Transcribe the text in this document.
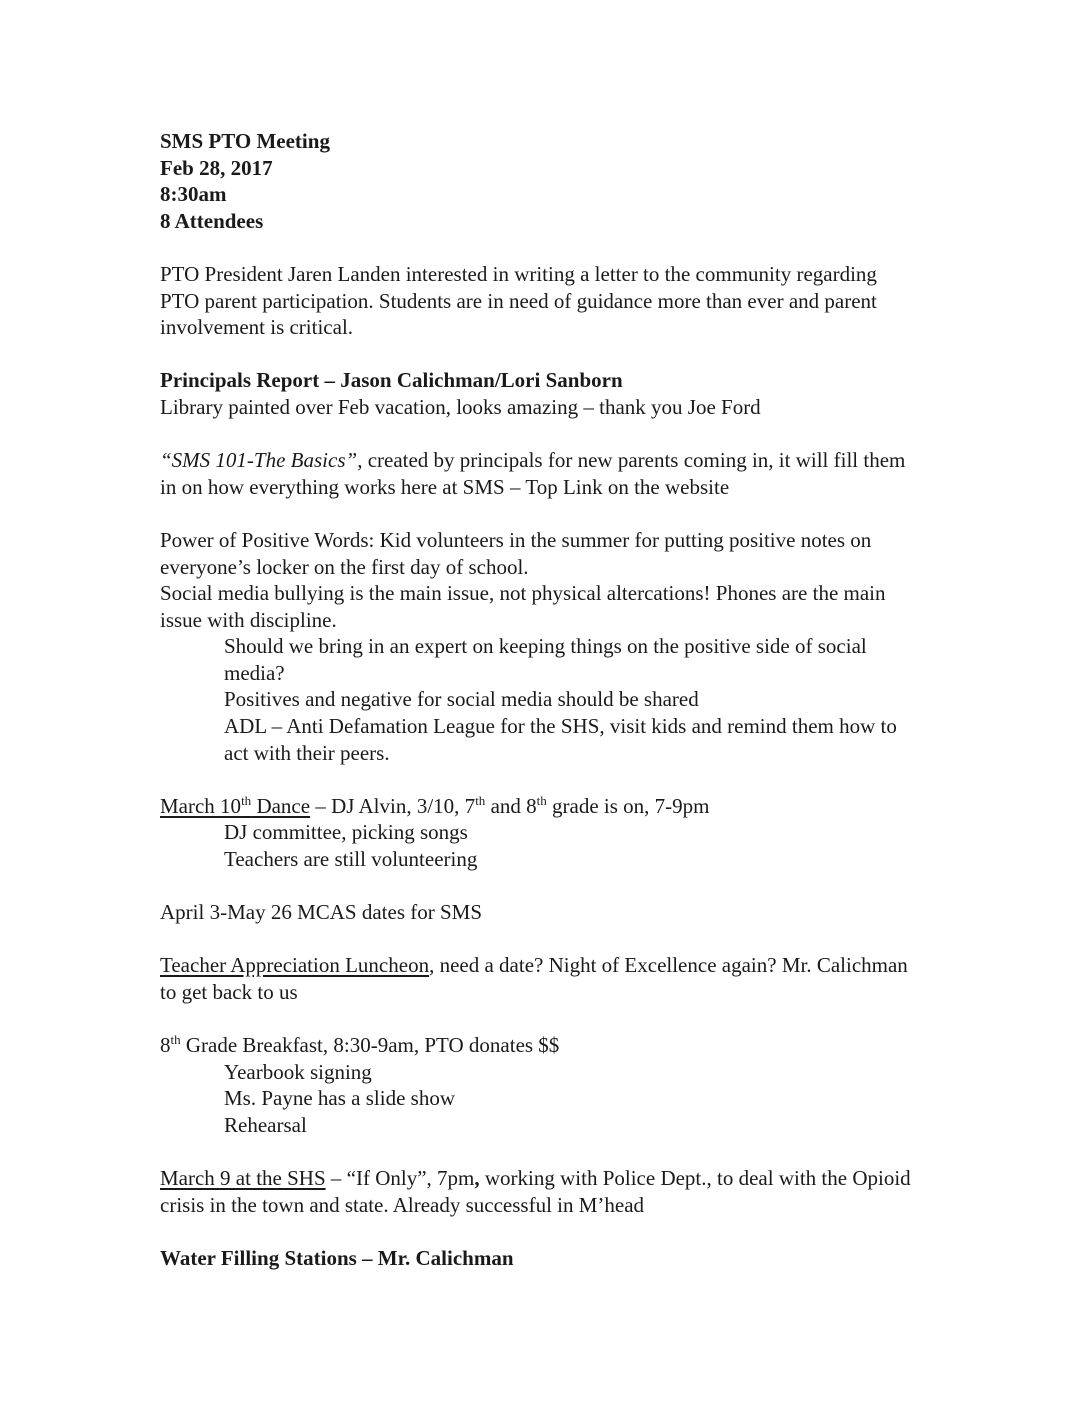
SMS PTO Meeting
Feb 28, 2017
8:30am
8 Attendees
PTO President Jaren Landen interested in writing a letter to the community regarding
PTO parent participation. Students are in need of guidance more than ever and parent
involvement is critical.
Principals Report – Jason Calichman/Lori Sanborn
Library painted over Feb vacation, looks amazing – thank you Joe Ford
“SMS 101-The Basics”, created by principals for new parents coming in, it will fill them
in on how everything works here at SMS – Top Link on the website
Power of Positive Words: Kid volunteers in the summer for putting positive notes on
everyone’s locker on the first day of school.
Social media bullying is the main issue, not physical altercations! Phones are the main
issue with discipline.
Should we bring in an expert on keeping things on the positive side of social
media?
Positives and negative for social media should be shared
ADL – Anti Defamation League for the SHS, visit kids and remind them how to
act with their peers.
March 10th Dance – DJ Alvin, 3/10, 7th and 8th grade is on, 7-9pm
DJ committee, picking songs
Teachers are still volunteering
April 3-May 26 MCAS dates for SMS
Teacher Appreciation Luncheon, need a date? Night of Excellence again? Mr. Calichman
to get back to us
8th Grade Breakfast, 8:30-9am, PTO donates $$
Yearbook signing
Ms. Payne has a slide show
Rehearsal
March 9 at the SHS – “If Only”, 7pm, working with Police Dept., to deal with the Opioid
crisis in the town and state. Already successful in M’head
Water Filling Stations – Mr. Calichman
